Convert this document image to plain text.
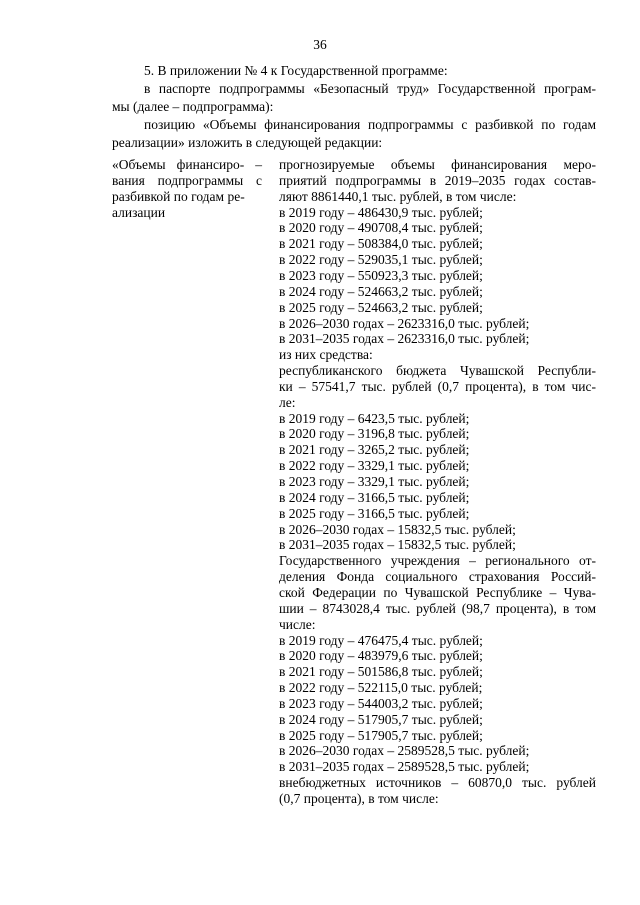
36
5. В приложении № 4 к Государственной программе:
в паспорте подпрограммы «Безопасный труд» Государственной програм-
мы (далее – подпрограмма):
позицию «Объемы финансирования подпрограммы с разбивкой по годам
реализации» изложить в следующей редакции:
«Объемы финансиро- –
вания подпрограммы с
разбивкой по годам ре-
ализации
прогнозируемые объемы финансирования меро-
приятий подпрограммы в 2019–2035 годах состав-
ляют 8861440,1 тыс. рублей, в том числе:
в 2019 году – 486430,9 тыс. рублей;
в 2020 году – 490708,4 тыс. рублей;
в 2021 году – 508384,0 тыс. рублей;
в 2022 году – 529035,1 тыс. рублей;
в 2023 году – 550923,3 тыс. рублей;
в 2024 году – 524663,2 тыс. рублей;
в 2025 году – 524663,2 тыс. рублей;
в 2026–2030 годах – 2623316,0 тыс. рублей;
в 2031–2035 годах – 2623316,0 тыс. рублей;
из них средства:
республиканского бюджета Чувашской Республи-
ки – 57541,7 тыс. рублей (0,7 процента), в том чис-
ле:
в 2019 году – 6423,5 тыс. рублей;
в 2020 году – 3196,8 тыс. рублей;
в 2021 году – 3265,2 тыс. рублей;
в 2022 году – 3329,1 тыс. рублей;
в 2023 году – 3329,1 тыс. рублей;
в 2024 году – 3166,5 тыс. рублей;
в 2025 году – 3166,5 тыс. рублей;
в 2026–2030 годах – 15832,5 тыс. рублей;
в 2031–2035 годах – 15832,5 тыс. рублей;
Государственного учреждения – регионального от-
деления Фонда социального страхования Россий-
ской Федерации по Чувашской Республике – Чува-
шии – 8743028,4 тыс. рублей (98,7 процента), в том
числе:
в 2019 году – 476475,4 тыс. рублей;
в 2020 году – 483979,6 тыс. рублей;
в 2021 году – 501586,8 тыс. рублей;
в 2022 году – 522115,0 тыс. рублей;
в 2023 году – 544003,2 тыс. рублей;
в 2024 году – 517905,7 тыс. рублей;
в 2025 году – 517905,7 тыс. рублей;
в 2026–2030 годах – 2589528,5 тыс. рублей;
в 2031–2035 годах – 2589528,5 тыс. рублей;
внебюджетных источников – 60870,0 тыс. рублей
(0,7 процента), в том числе:
